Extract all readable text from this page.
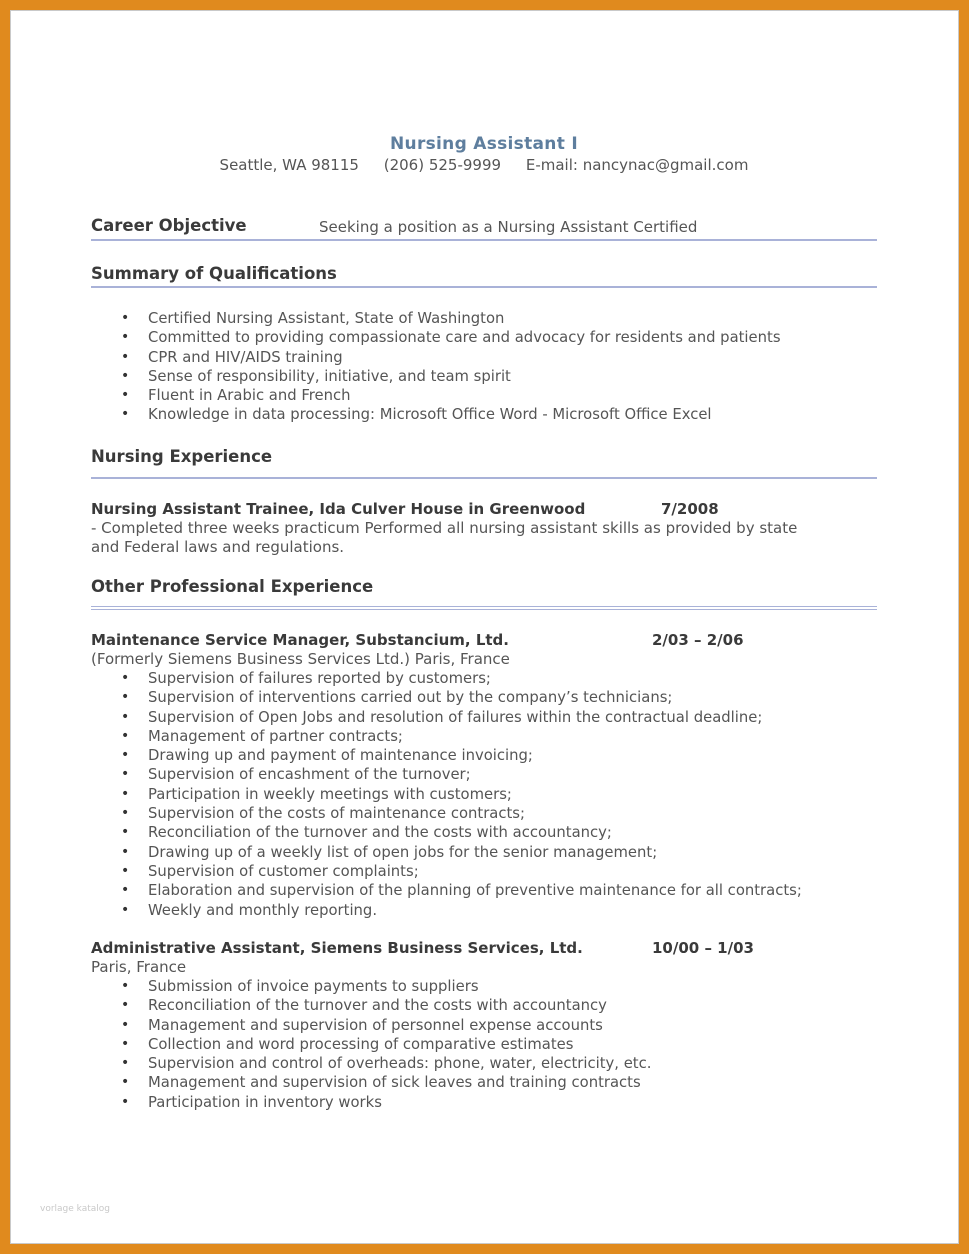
vorlage katalog
Nursing Assistant I
Seattle, WA 98115 (206) 525-9999 E-mail: nancynac@gmail.com
Career Objective	Seeking a position as a Nursing Assistant Certified
Summary of Qualifications
• Certified Nursing Assistant, State of Washington
• Committed to providing compassionate care and advocacy for residents and patients
• CPR and HIV/AIDS training
• Sense of responsibility, initiative, and team spirit
• Fluent in Arabic and French
• Knowledge in data processing: Microsoft Office Word - Microsoft Office Excel
Nursing Experience
Nursing Assistant Trainee, Ida Culver House in Greenwood	7/2008
- Completed three weeks practicum Performed all nursing assistant skills as provided by state
and Federal laws and regulations.
Other Professional Experience
Maintenance Service Manager, Substancium, Ltd.	2/03 – 2/06
(Formerly Siemens Business Services Ltd.) Paris, France
• Supervision of failures reported by customers;
• Supervision of interventions carried out by the company’s technicians;
• Supervision of Open Jobs and resolution of failures within the contractual deadline;
• Management of partner contracts;
• Drawing up and payment of maintenance invoicing;
• Supervision of encashment of the turnover;
• Participation in weekly meetings with customers;
• Supervision of the costs of maintenance contracts;
• Reconciliation of the turnover and the costs with accountancy;
• Drawing up of a weekly list of open jobs for the senior management;
• Supervision of customer complaints;
• Elaboration and supervision of the planning of preventive maintenance for all contracts;
• Weekly and monthly reporting.
Administrative Assistant, Siemens Business Services, Ltd.	10/00 – 1/03
Paris, France
• Submission of invoice payments to suppliers
• Reconciliation of the turnover and the costs with accountancy
• Management and supervision of personnel expense accounts
• Collection and word processing of comparative estimates
• Supervision and control of overheads: phone, water, electricity, etc.
• Management and supervision of sick leaves and training contracts
• Participation in inventory works
